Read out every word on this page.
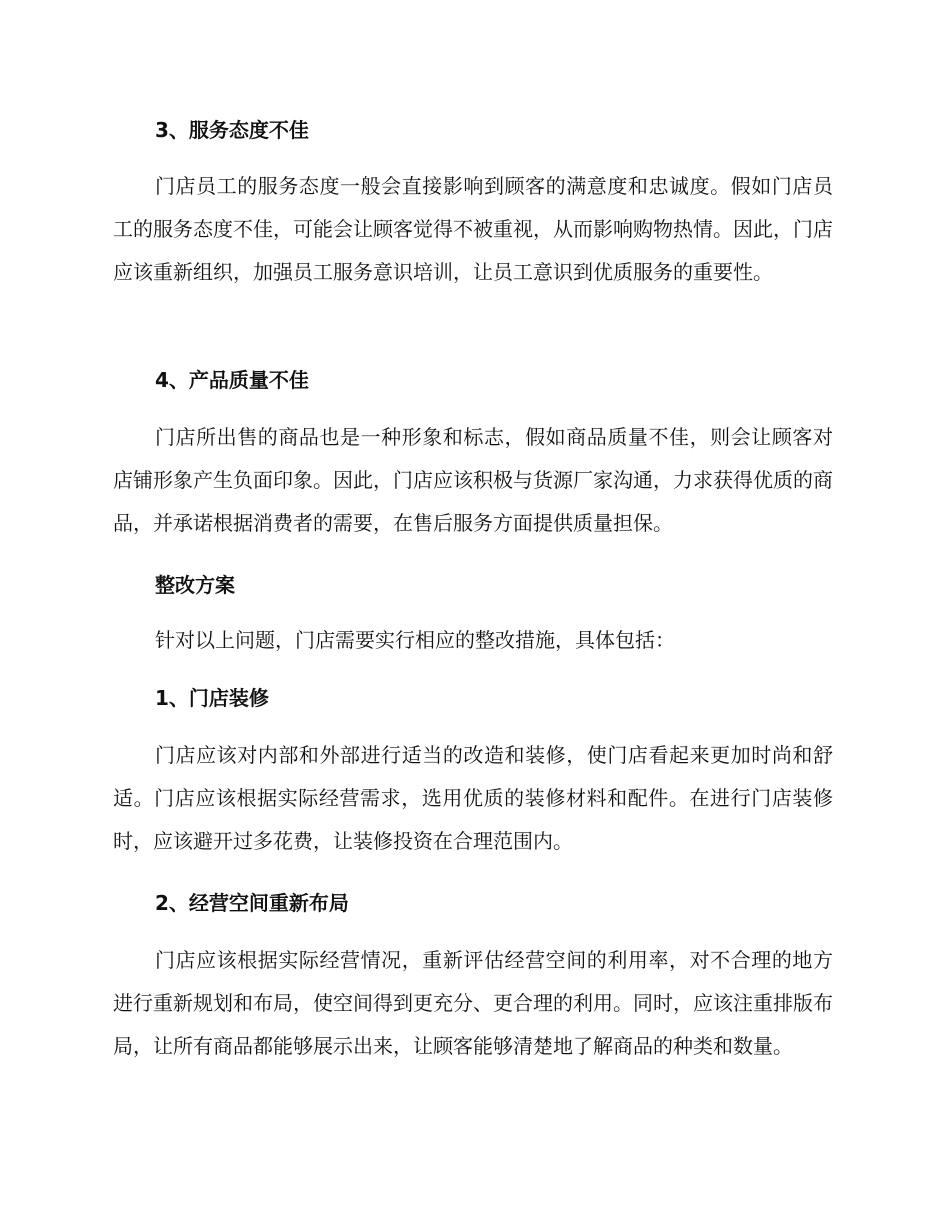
3、服务态度不佳
门店员工的服务态度一般会直接影响到顾客的满意度和忠诚度。假如门店员工的服务态度不佳，可能会让顾客觉得不被重视，从而影响购物热情。因此，门店应该重新组织，加强员工服务意识培训，让员工意识到优质服务的重要性。
4、产品质量不佳
门店所出售的商品也是一种形象和标志，假如商品质量不佳，则会让顾客对店铺形象产生负面印象。因此，门店应该积极与货源厂家沟通，力求获得优质的商品，并承诺根据消费者的需要，在售后服务方面提供质量担保。
整改方案
针对以上问题，门店需要实行相应的整改措施，具体包括：
1、门店装修
门店应该对内部和外部进行适当的改造和装修，使门店看起来更加时尚和舒适。门店应该根据实际经营需求，选用优质的装修材料和配件。在进行门店装修时，应该避开过多花费，让装修投资在合理范围内。
2、经营空间重新布局
门店应该根据实际经营情况，重新评估经营空间的利用率，对不合理的地方进行重新规划和布局，使空间得到更充分、更合理的利用。同时，应该注重排版布局，让所有商品都能够展示出来，让顾客能够清楚地了解商品的种类和数量。
